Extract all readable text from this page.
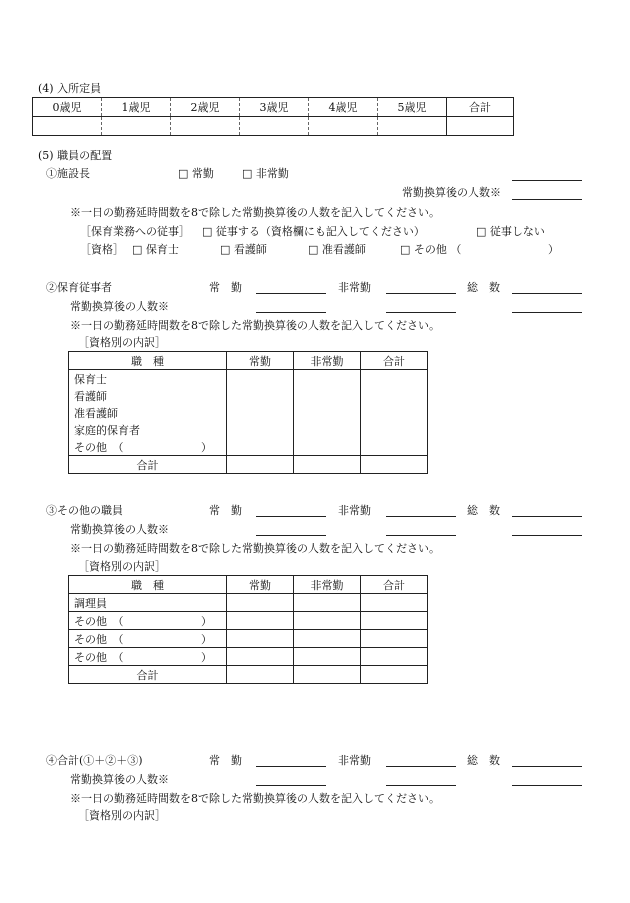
(4) 入所定員
0歳児	1歳児	2歳児	3歳児	4歳児	5歳児	合計

(5) 職員の配置
①施設長	□ 常勤	□ 非常勤
常勤換算後の人数※
※一日の勤務延時間数を8で除した常勤換算後の人数を記入してください。
［保育業務への従事］ □ 従事する（資格欄にも記入してください）	□ 従事しない
［資格］ □ 保育士	□ 看護師	□ 准看護師	□ その他 （	）
②保育従事者	常　勤	非常勤	総　数
常勤換算後の人数※
※一日の勤務延時間数を8で除した常勤換算後の人数を記入してください。
［資格別の内訳］
職　種	常勤	非常勤	合計
保育士			
看護師			
准看護師			
家庭的保育者			
その他　（ ）			

合計			
③その他の職員	常　勤	非常勤	総　数
常勤換算後の人数※
※一日の勤務延時間数を8で除した常勤換算後の人数を記入してください。
［資格別の内訳］
職　種	常勤	非常勤	合計
調理員			
その他　（ ）			

その他　（ ）			

その他　（ ）			

合計			
④合計(①＋②＋③)	常　勤	非常勤	総　数
常勤換算後の人数※
※一日の勤務延時間数を8で除した常勤換算後の人数を記入してください。
［資格別の内訳］
